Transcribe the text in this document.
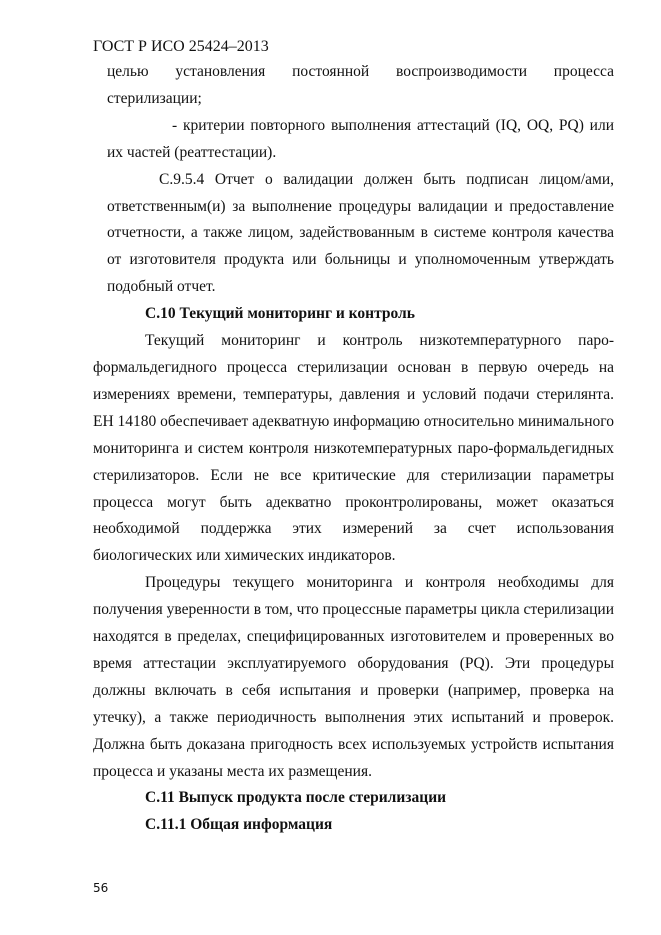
ГОСТ Р ИСО 25424–2013

целью установления постоянной воспроизводимости процесса стерилизации;

- критерии повторного выполнения аттестаций (IQ, OQ, PQ) или их частей (реаттестации).

С.9.5.4 Отчет о валидации должен быть подписан лицом/ами, ответственным(и) за выполнение процедуры валидации и предоставление отчетности, а также лицом, задействованным в системе контроля качества от изготовителя продукта или больницы и уполномоченным утверждать подобный отчет.

С.10 Текущий мониторинг и контроль

Текущий мониторинг и контроль низкотемпературного паро-формальдегидного процесса стерилизации основан в первую очередь на измерениях времени, температуры, давления и условий подачи стерилянта. ЕН 14180 обеспечивает адекватную информацию относительно минимального мониторинга и систем контроля низкотемпературных паро-формальдегидных стерилизаторов. Если не все критические для стерилизации параметры процесса могут быть адекватно проконтролированы, может оказаться необходимой поддержка этих измерений за счет использования биологических или химических индикаторов.

Процедуры текущего мониторинга и контроля необходимы для получения уверенности в том, что процессные параметры цикла стерилизации находятся в пределах, специфицированных изготовителем и проверенных во время аттестации эксплуатируемого оборудования (PQ). Эти процедуры должны включать в себя испытания и проверки (например, проверка на утечку), а также периодичность выполнения этих испытаний и проверок. Должна быть доказана пригодность всех используемых устройств испытания процесса и указаны места их размещения.

С.11 Выпуск продукта после стерилизации

С.11.1 Общая информация

56
